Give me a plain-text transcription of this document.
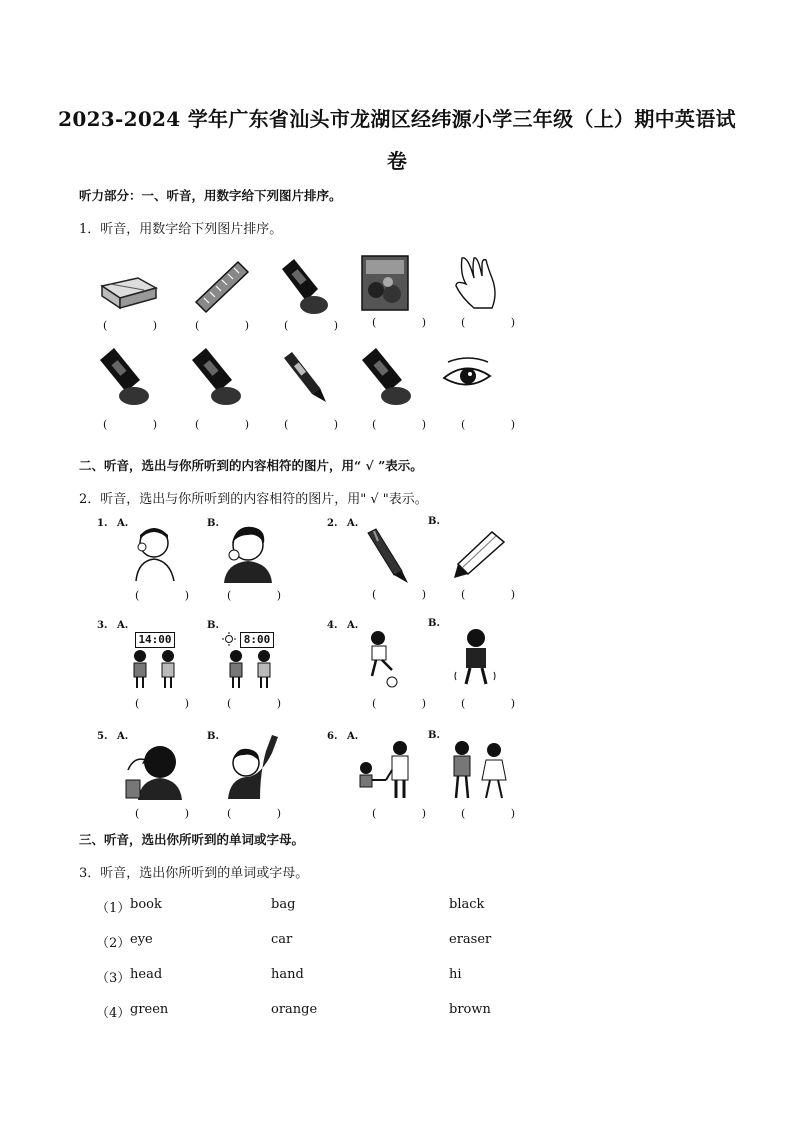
2023-2024 学年广东省汕头市龙湖区经纬源小学三年级（上）期中英语试
卷
听力部分：一、听音，用数字给下列图片排序。
1．听音，用数字给下列图片排序。
(	)	(	)	(	)	(	)	(	)
(	)	(	)	(	)	(	)	(	)
二、听音，选出与你所听到的内容相符的图片，用“ √ ”表示。
2．听音，选出与你所听到的内容相符的图片，用" √ "表示。
1. A.	B.	2. A.	B.
(	)	(	)	(	)	(	)
3. A.	B.	4. A.	B.
14:00	8:00
(	)	(	)	(	)	(	)
5. A.	B.	6. A.	B.
(	)	(	)	(	)	(	)
三、听音，选出你所听到的单词或字母。
3．听音，选出你所听到的单词或字母。
（1） book	bag	black
（2） eye	car	eraser
（3） head	hand	hi
（4） green	orange	brown
